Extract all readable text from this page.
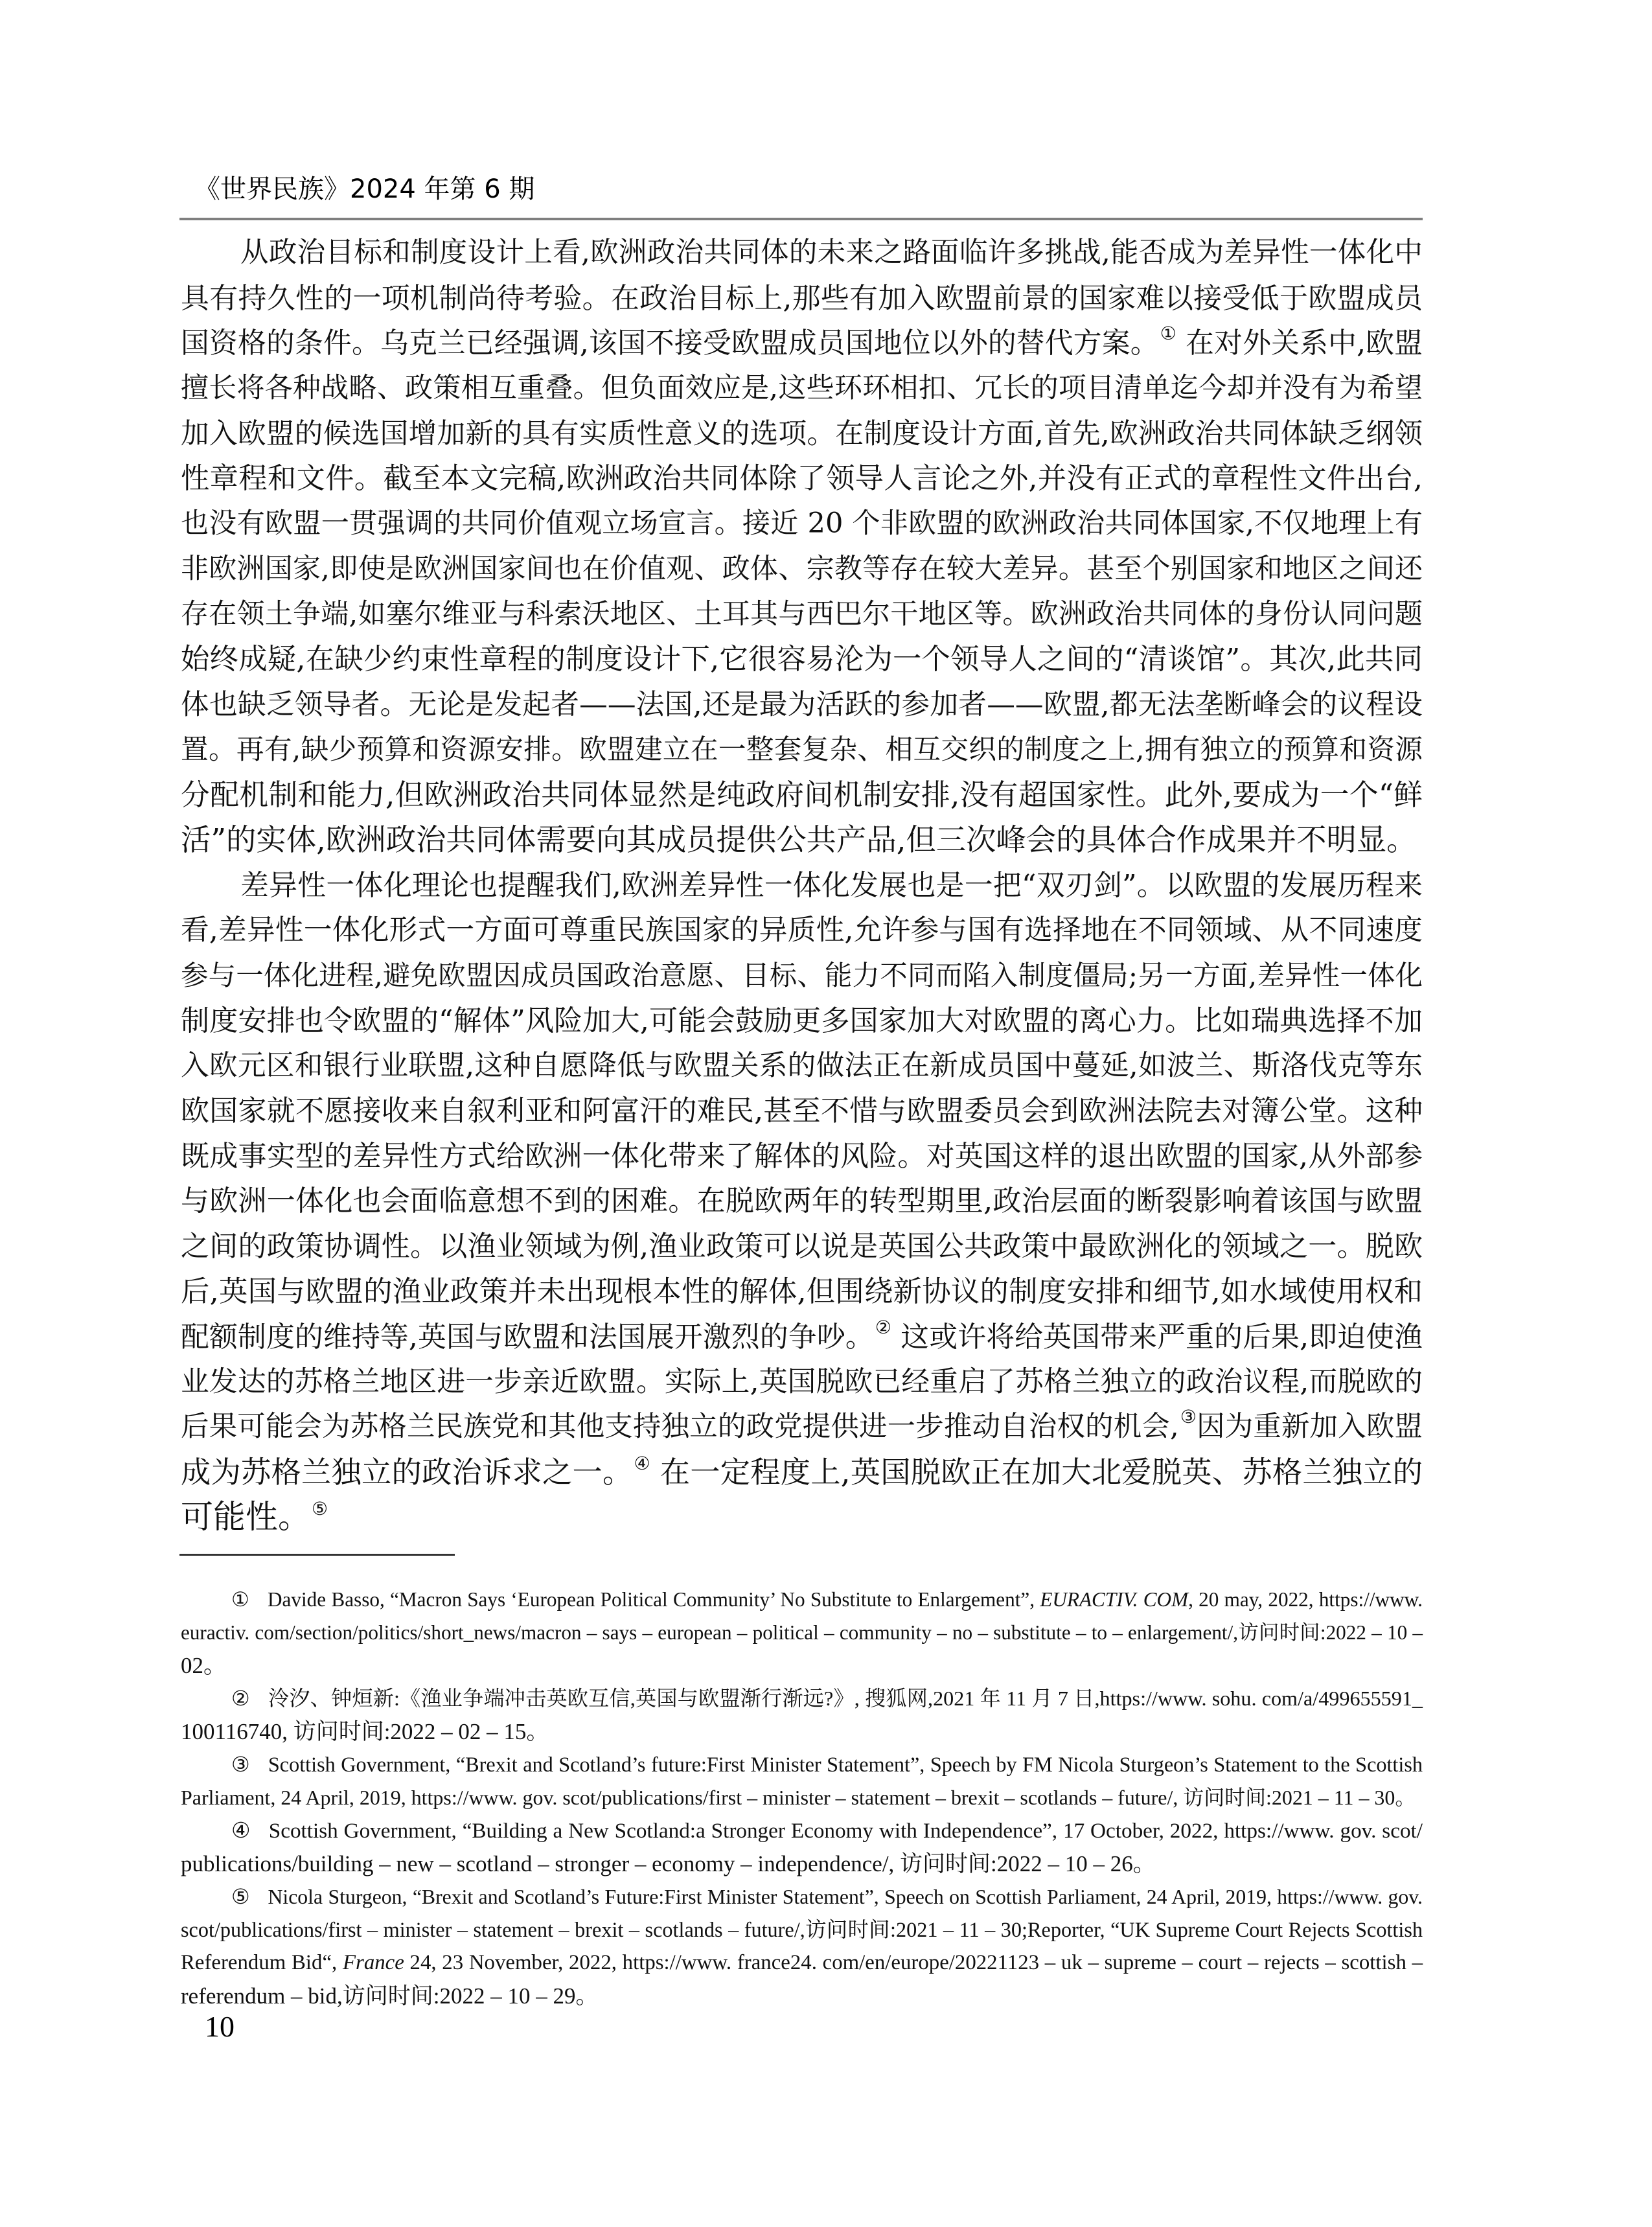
《世界民族》2024 年第 6 期
从政治目标和制度设计上看,欧洲政治共同体的未来之路面临许多挑战,能否成为差异性一体化中
具有持久性的一项机制尚待考验。在政治目标上,那些有加入欧盟前景的国家难以接受低于欧盟成员
国资格的条件。乌克兰已经强调,该国不接受欧盟成员国地位以外的替代方案。① 在对外关系中,欧盟
擅长将各种战略、政策相互重叠。但负面效应是,这些环环相扣、冗长的项目清单迄今却并没有为希望
加入欧盟的候选国增加新的具有实质性意义的选项。在制度设计方面,首先,欧洲政治共同体缺乏纲领
性章程和文件。截至本文完稿,欧洲政治共同体除了领导人言论之外,并没有正式的章程性文件出台,
也没有欧盟一贯强调的共同价值观立场宣言。接近 20 个非欧盟的欧洲政治共同体国家,不仅地理上有
非欧洲国家,即使是欧洲国家间也在价值观、政体、宗教等存在较大差异。甚至个别国家和地区之间还
存在领土争端,如塞尔维亚与科索沃地区、土耳其与西巴尔干地区等。欧洲政治共同体的身份认同问题
始终成疑,在缺少约束性章程的制度设计下,它很容易沦为一个领导人之间的“清谈馆”。其次,此共同
体也缺乏领导者。无论是发起者——法国,还是最为活跃的参加者——欧盟,都无法垄断峰会的议程设
置。再有,缺少预算和资源安排。欧盟建立在一整套复杂、相互交织的制度之上,拥有独立的预算和资源
分配机制和能力,但欧洲政治共同体显然是纯政府间机制安排,没有超国家性。此外,要成为一个“鲜
活”的实体,欧洲政治共同体需要向其成员提供公共产品,但三次峰会的具体合作成果并不明显。
差异性一体化理论也提醒我们,欧洲差异性一体化发展也是一把“双刃剑”。以欧盟的发展历程来
看,差异性一体化形式一方面可尊重民族国家的异质性,允许参与国有选择地在不同领域、从不同速度
参与一体化进程,避免欧盟因成员国政治意愿、目标、能力不同而陷入制度僵局;另一方面,差异性一体化
制度安排也令欧盟的“解体”风险加大,可能会鼓励更多国家加大对欧盟的离心力。比如瑞典选择不加
入欧元区和银行业联盟,这种自愿降低与欧盟关系的做法正在新成员国中蔓延,如波兰、斯洛伐克等东
欧国家就不愿接收来自叙利亚和阿富汗的难民,甚至不惜与欧盟委员会到欧洲法院去对簿公堂。这种
既成事实型的差异性方式给欧洲一体化带来了解体的风险。对英国这样的退出欧盟的国家,从外部参
与欧洲一体化也会面临意想不到的困难。在脱欧两年的转型期里,政治层面的断裂影响着该国与欧盟
之间的政策协调性。以渔业领域为例,渔业政策可以说是英国公共政策中最欧洲化的领域之一。脱欧
后,英国与欧盟的渔业政策并未出现根本性的解体,但围绕新协议的制度安排和细节,如水域使用权和
配额制度的维持等,英国与欧盟和法国展开激烈的争吵。② 这或许将给英国带来严重的后果,即迫使渔
业发达的苏格兰地区进一步亲近欧盟。实际上,英国脱欧已经重启了苏格兰独立的政治议程,而脱欧的
后果可能会为苏格兰民族党和其他支持独立的政党提供进一步推动自治权的机会,③因为重新加入欧盟
成为苏格兰独立的政治诉求之一。④ 在一定程度上,英国脱欧正在加大北爱脱英、苏格兰独立的
可能性。⑤
① Davide Basso, “Macron Says ‘European Political Community’ No Substitute to Enlargement”, EURACTIV. COM, 20 may, 2022, https://www.
euractiv. com/section/politics/short_news/macron – says – european – political – community – no – substitute – to – enlargement/,访问时间:2022 – 10 –
02。
② 泠汐、钟烜新:《渔业争端冲击英欧互信,英国与欧盟渐行渐远?》, 搜狐网,2021 年 11 月 7 日,https://www. sohu. com/a/499655591_
100116740, 访问时间:2022 – 02 – 15。
③ Scottish Government, “Brexit and Scotland’s future:First Minister Statement”, Speech by FM Nicola Sturgeon’s Statement to the Scottish
Parliament, 24 April, 2019, https://www. gov. scot/publications/first – minister – statement – brexit – scotlands – future/, 访问时间:2021 – 11 – 30。
④ Scottish Government, “Building a New Scotland:a Stronger Economy with Independence”, 17 October, 2022, https://www. gov. scot/
publications/building – new – scotland – stronger – economy – independence/, 访问时间:2022 – 10 – 26。
⑤ Nicola Sturgeon, “Brexit and Scotland’s Future:First Minister Statement”, Speech on Scottish Parliament, 24 April, 2019, https://www. gov.
scot/publications/first – minister – statement – brexit – scotlands – future/,访问时间:2021 – 11 – 30;Reporter, “UK Supreme Court Rejects Scottish
Referendum Bid“, France 24, 23 November, 2022, https://www. france24. com/en/europe/20221123 – uk – supreme – court – rejects – scottish –
referendum – bid,访问时间:2022 – 10 – 29。
10
